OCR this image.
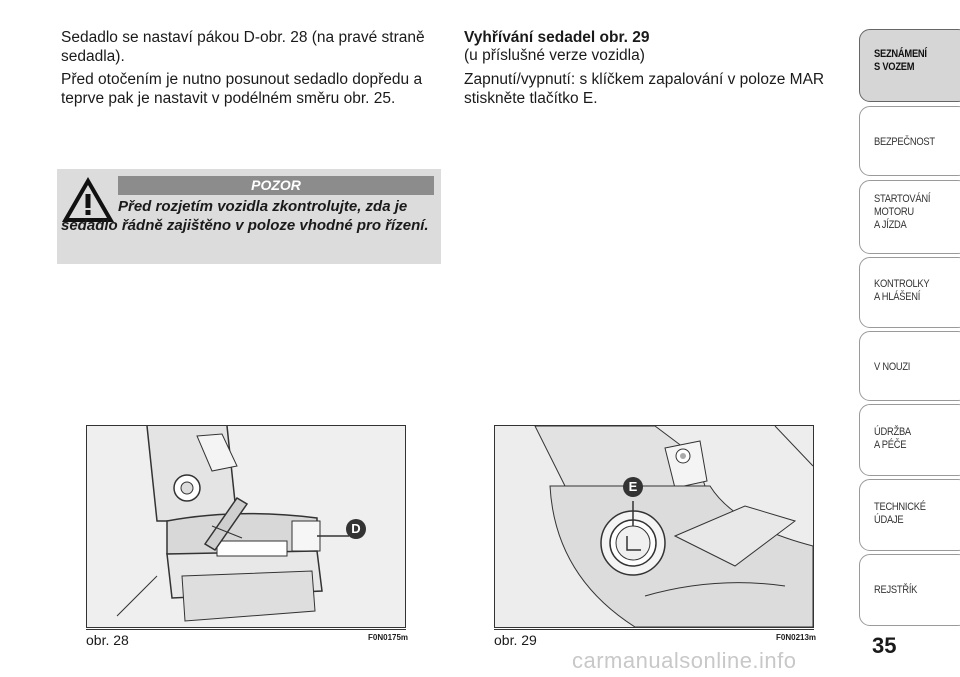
Sedadlo se nastaví pákou D-obr. 28 (na pravé straně sedadla).

Před otočením je nutno posunout sedadlo dopředu a teprve pak je nastavit v podélném směru obr. 25.

POZOR
Před rozjetím vozidla zkontrolujte, zda je sedadlo řádně zajištěno v poloze vhodné pro řízení.
Vyhřívání sedadel obr. 29
(u příslušné verze vozidla)

Zapnutí/vypnutí: s klíčkem zapalování v poloze MAR stiskněte tlačítko E.

D
obr. 28	F0N0175m
E
obr. 29	F0N0213m
SEZNÁMENÍ
S VOZEM
BEZPEČNOST
STARTOVÁNÍ
MOTORU
A JÍZDA
KONTROLKY
A HLÁŠENÍ
V NOUZI
ÚDRŽBA
A PÉČE
TECHNICKÉ
ÚDAJE
REJSTŘÍK
35
carmanualsonline.info
